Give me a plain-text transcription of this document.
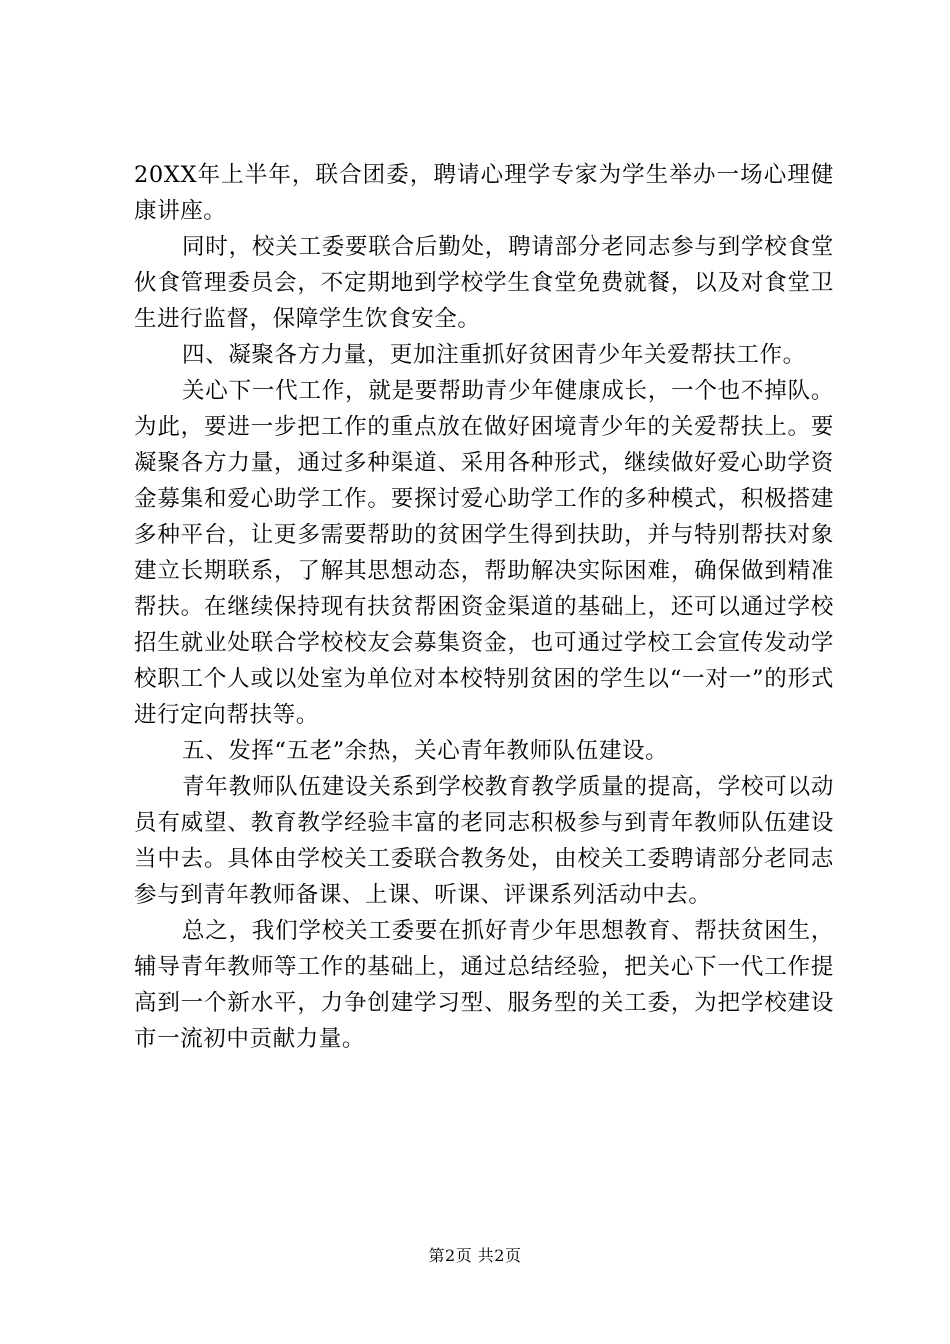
20XX年上半年，联合团委，聘请心理学专家为学生举办一场心理健康讲座。

同时，校关工委要联合后勤处，聘请部分老同志参与到学校食堂伙食管理委员会，不定期地到学校学生食堂免费就餐，以及对食堂卫生进行监督，保障学生饮食安全。

四、凝聚各方力量，更加注重抓好贫困青少年关爱帮扶工作。

关心下一代工作，就是要帮助青少年健康成长，一个也不掉队。为此，要进一步把工作的重点放在做好困境青少年的关爱帮扶上。要凝聚各方力量，通过多种渠道、采用各种形式，继续做好爱心助学资金募集和爱心助学工作。要探讨爱心助学工作的多种模式，积极搭建多种平台，让更多需要帮助的贫困学生得到扶助，并与特别帮扶对象建立长期联系，了解其思想动态，帮助解决实际困难，确保做到精准帮扶。在继续保持现有扶贫帮困资金渠道的基础上，还可以通过学校招生就业处联合学校校友会募集资金，也可通过学校工会宣传发动学校职工个人或以处室为单位对本校特别贫困的学生以“一对一”的形式进行定向帮扶等。

五、发挥“五老”余热，关心青年教师队伍建设。

青年教师队伍建设关系到学校教育教学质量的提高，学校可以动员有威望、教育教学经验丰富的老同志积极参与到青年教师队伍建设当中去。具体由学校关工委联合教务处，由校关工委聘请部分老同志参与到青年教师备课、上课、听课、评课系列活动中去。

总之，我们学校关工委要在抓好青少年思想教育、帮扶贫困生，辅导青年教师等工作的基础上，通过总结经验，把关心下一代工作提高到一个新水平，力争创建学习型、服务型的关工委，为把学校建设市一流初中贡献力量。

第2页 共2页
